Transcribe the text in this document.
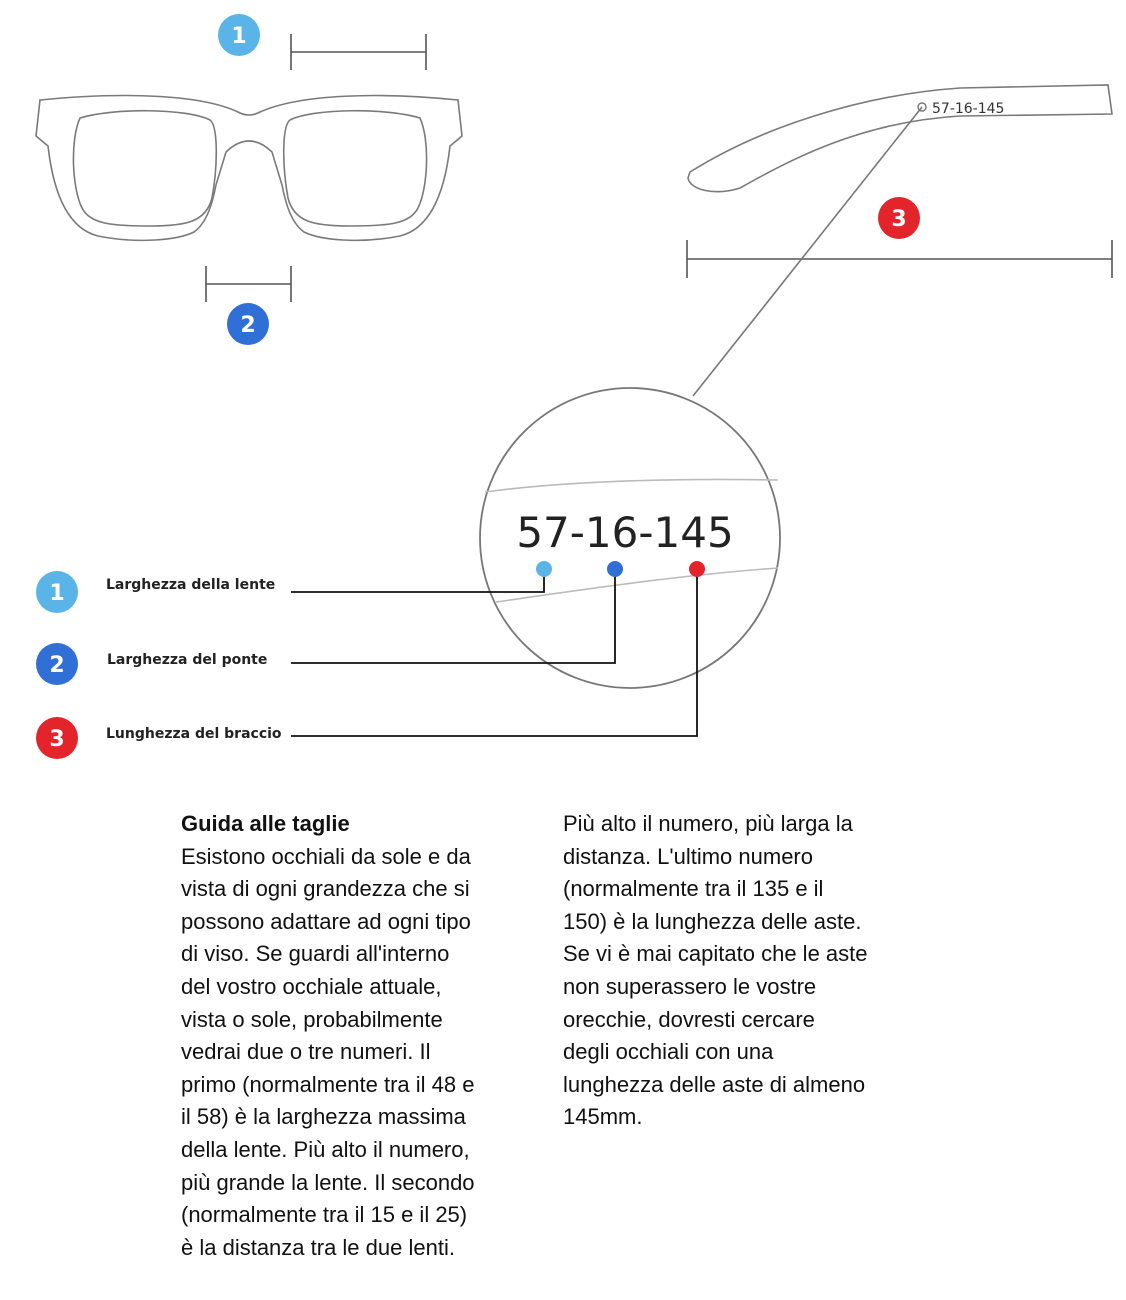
1
2
3
57-16-145
57-16-145
1	Larghezza della lente
2	Larghezza del ponte
3	Lunghezza del braccio
Guida alle taglie
Esistono occhiali da sole e da
vista di ogni grandezza che si
possono adattare ad ogni tipo
di viso. Se guardi all'interno
del vostro occhiale attuale,
vista o sole, probabilmente
vedrai due o tre numeri. Il
primo (normalmente tra il 48 e
il 58) è la larghezza massima
della lente. Più alto il numero,
più grande la lente. Il secondo
(normalmente tra il 15 e il 25)
è la distanza tra le due lenti.
Più alto il numero, più larga la
distanza. L'ultimo numero
(normalmente tra il 135 e il
150) è la lunghezza delle aste.
Se vi è mai capitato che le aste
non superassero le vostre
orecchie, dovresti cercare
degli occhiali con una
lunghezza delle aste di almeno
145mm.
